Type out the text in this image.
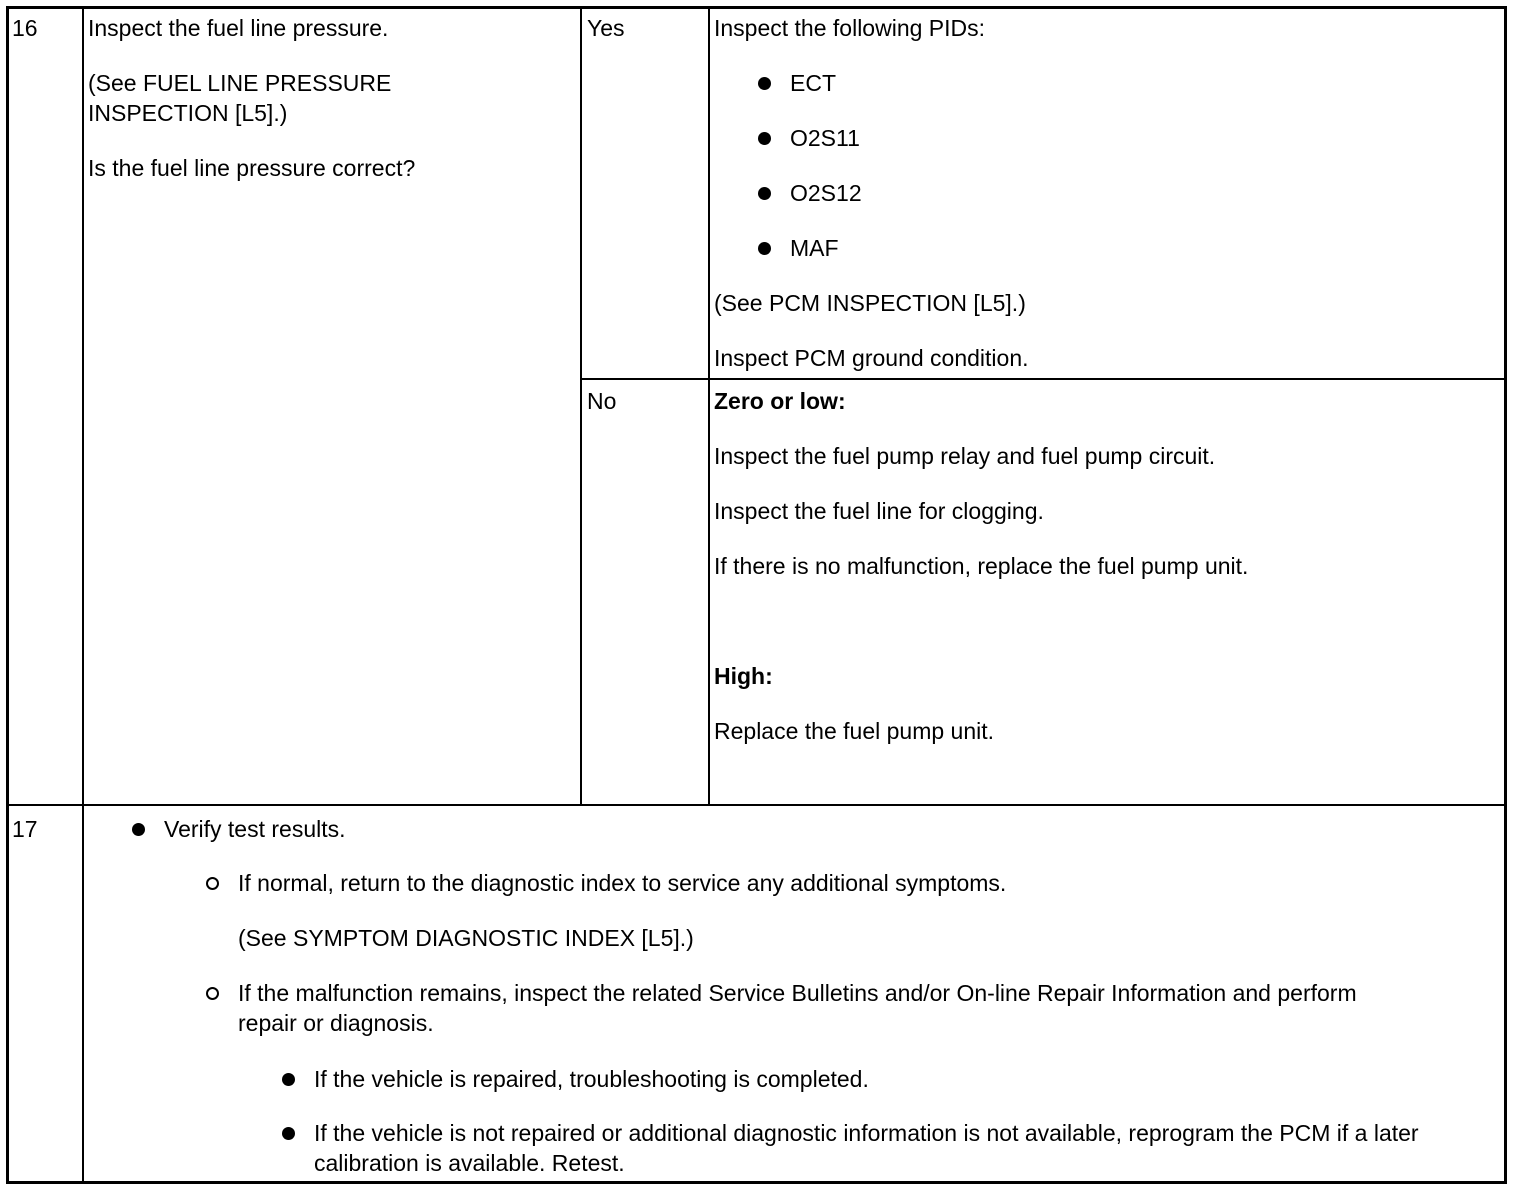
16 Inspect the fuel line pressure.
(See FUEL LINE PRESSURE INSPECTION [L5].)
Is the fuel line pressure correct?
Yes	Inspect the following PIDs:
ECT
O2S11
O2S12
MAF
(See PCM INSPECTION [L5].)
Inspect PCM ground condition.
No	Zero or low:
Inspect the fuel pump relay and fuel pump circuit.
Inspect the fuel line for clogging.
If there is no malfunction, replace the fuel pump unit.
High:
Replace the fuel pump unit.
17	Verify test results.
If normal, return to the diagnostic index to service any additional symptoms.
(See SYMPTOM DIAGNOSTIC INDEX [L5].)
If the malfunction remains, inspect the related Service Bulletins and/or On-line Repair Information and perform repair or diagnosis.
If the vehicle is repaired, troubleshooting is completed.
If the vehicle is not repaired or additional diagnostic information is not available, reprogram the PCM if a later calibration is available. Retest.
